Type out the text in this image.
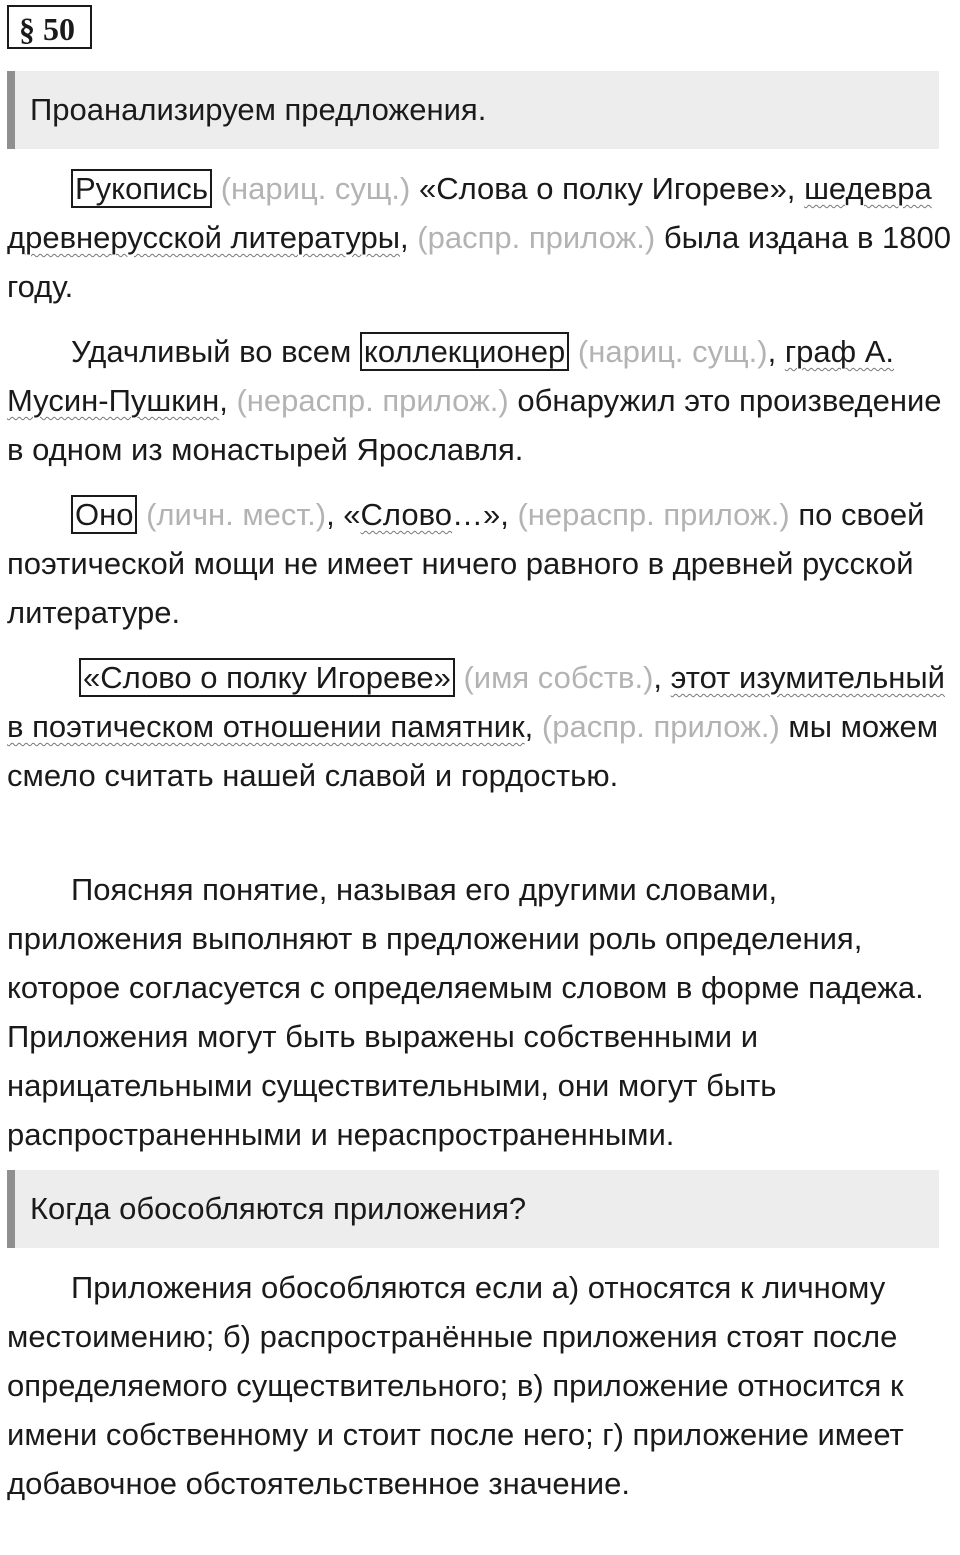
§ 50
Проанализируем предложения.

Рукопись (нариц. сущ.) «Слова о полку Игореве», шедевра древнерусской литературы, (распр. прилож.) была издана в 1800 году.

Удачливый во всем коллекционер (нариц. сущ.), граф А. Мусин-Пушкин, (нераспр. прилож.) обнаружил это произведение в одном из монастырей Ярославля.

Оно (личн. мест.), «Слово…», (нераспр. прилож.) по своей поэтической мощи не имеет ничего равного в древней русской литературе.

«Слово о полку Игореве» (имя собств.), этот изумительный в поэтическом отношении памятник, (распр. прилож.) мы можем смело считать нашей славой и гордостью.

Поясняя понятие, называя его другими словами, приложения выполняют в предложении роль определения, которое согласуется с определяемым словом в форме падежа. Приложения могут быть выражены собственными и нарицательными существительными, они могут быть распространенными и нераспространенными.

Когда обособляются приложения?

Приложения обособляются если а) относятся к личному местоимению; б) распространённые приложения стоят после определяемого существительного; в) приложение относится к имени собственному и стоит после него; г) приложение имеет добавочное обстоятельственное значение.
